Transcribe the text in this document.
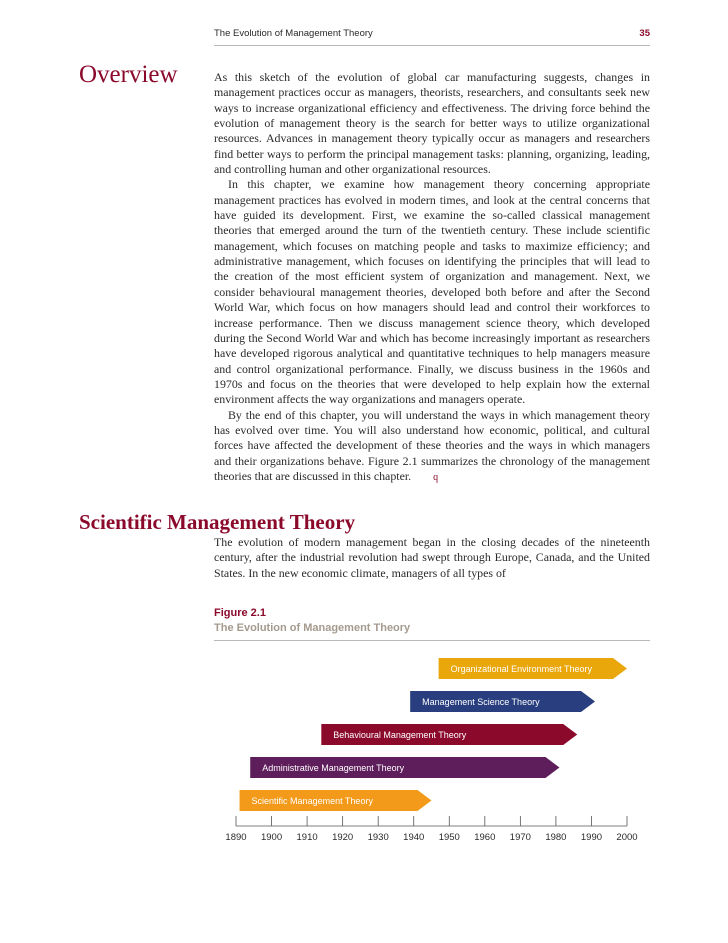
The Evolution of Management Theory	35
Overview	As this sketch of the evolution of global car manufacturing suggests, changes in management practices occur as managers, theorists, researchers, and consultants seek new ways to increase organizational efficiency and effectiveness. The driving force behind the evolution of management theory is the search for better ways to utilize organizational resources. Advances in management theory typically occur as managers and researchers find better ways to perform the principal management tasks: planning, organizing, leading, and controlling human and other organizational resources.

In this chapter, we examine how management theory concerning appropriate management practices has evolved in modern times, and look at the central concerns that have guided its development. First, we examine the so-called classical management theories that emerged around the turn of the twentieth century. These include scientific management, which focuses on matching people and tasks to maximize efficiency; and administrative management, which focuses on identifying the principles that will lead to the creation of the most efficient system of organization and management. Next, we consider behavioural management theories, developed both before and after the Second World War, which focus on how managers should lead and control their workforces to increase performance. Then we discuss management science theory, which developed during the Second World War and which has become increasingly important as researchers have developed rigorous analytical and quantitative techniques to help managers measure and control organizational performance. Finally, we discuss business in the 1960s and 1970s and focus on the theories that were developed to help explain how the external environment affects the way organizations and managers operate.

By the end of this chapter, you will understand the ways in which management theory has evolved over time. You will also understand how economic, political, and cultural forces have affected the development of these theories and the ways in which managers and their organizations behave. Figure 2.1 summarizes the chronology of the management theories that are discussed in this chapter. q

Scientific Management Theory

The evolution of modern management began in the closing decades of the nineteenth century, after the industrial revolution had swept through Europe, Canada, and the United States. In the new economic climate, managers of all types of

Figure 2.1
The Evolution of Management Theory
Organizational Environment Theory
Management Science Theory
Behavioural Management Theory
Administrative Management Theory
Scientific Management Theory
1890 1900 1910 1920 1930 1940 1950 1960 1970 1980 1990 2000
